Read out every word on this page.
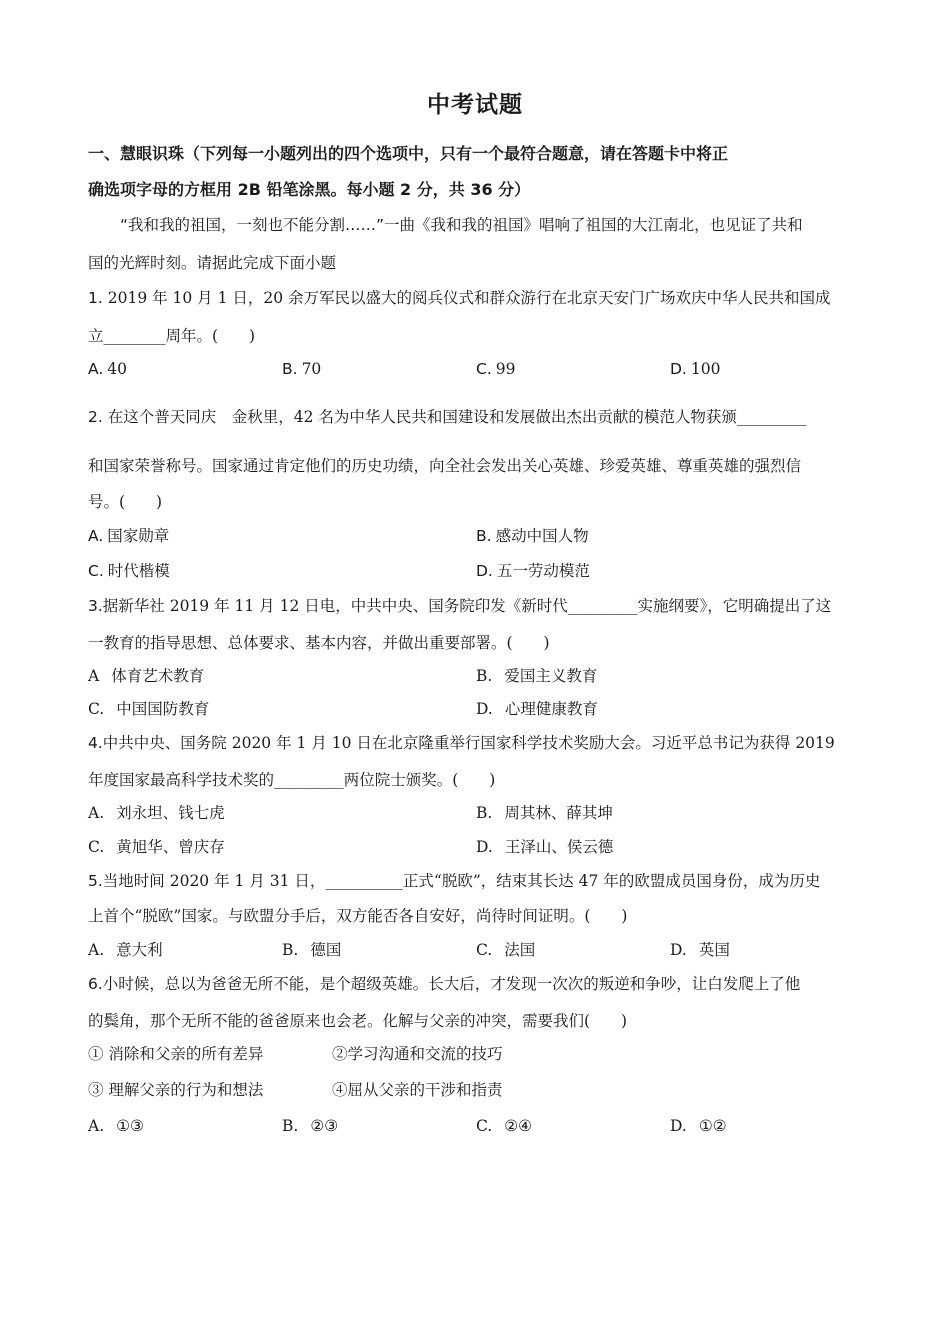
中考试题
一、慧眼识珠（下列每一小题列出的四个选项中，只有一个最符合题意，请在答题卡中将正
确选项字母的方框用 2B 铅笔涂黑。每小题 2 分，共 36 分）
“我和我的祖国，一刻也不能分割……”一曲《我和我的祖国》唱响了祖国的大江南北，也见证了共和
国的光辉时刻。请据此完成下面小题
1. 2019 年 10 月 1 日，20 余万军民以盛大的阅兵仪式和群众游行在北京天安门广场欢庆中华人民共和国成
立________周年。(　　)
A. 40	B. 70	C. 99	D. 100
2. 在这个普天同庆　金秋里，42 名为中华人民共和国建设和发展做出杰出贡献的模范人物获颁_________
和国家荣誉称号。国家通过肯定他们的历史功绩，向全社会发出关心英雄、珍爱英雄、尊重英雄的强烈信
号。(　　)
A. 国家勋章	B. 感动中国人物
C. 时代楷模	D. 五一劳动模范
3.据新华社 2019 年 11 月 12 日电，中共中央、国务院印发《新时代_________实施纲要》，它明确提出了这
一教育的指导思想、总体要求、基本内容，并做出重要部署。(　　)
A 体育艺术教育	B. 爱国主义教育
C. 中国国防教育	D. 心理健康教育
4.中共中央、国务院 2020 年 1 月 10 日在北京隆重举行国家科学技术奖励大会。习近平总书记为获得 2019
年度国家最高科学技术奖的_________两位院士颁奖。(　　)
A. 刘永坦、钱七虎	B. 周其林、薛其坤
C. 黄旭华、曾庆存	D. 王泽山、侯云德
5.当地时间 2020 年 1 月 31 日，__________正式“脱欧”，结束其长达 47 年的欧盟成员国身份，成为历史
上首个“脱欧”国家。与欧盟分手后，双方能否各自安好，尚待时间证明。(　　)
A. 意大利	B. 德国	C. 法国	D. 英国
6.小时候，总以为爸爸无所不能，是个超级英雄。长大后，才发现一次次的叛逆和争吵，让白发爬上了他
的鬓角，那个无所不能的爸爸原来也会老。化解与父亲的冲突，需要我们(　　)
① 消除和父亲的所有差异	②学习沟通和交流的技巧
③ 理解父亲的行为和想法	④屈从父亲的干涉和指责
A. ①③	B. ②③	C. ②④	D. ①②
